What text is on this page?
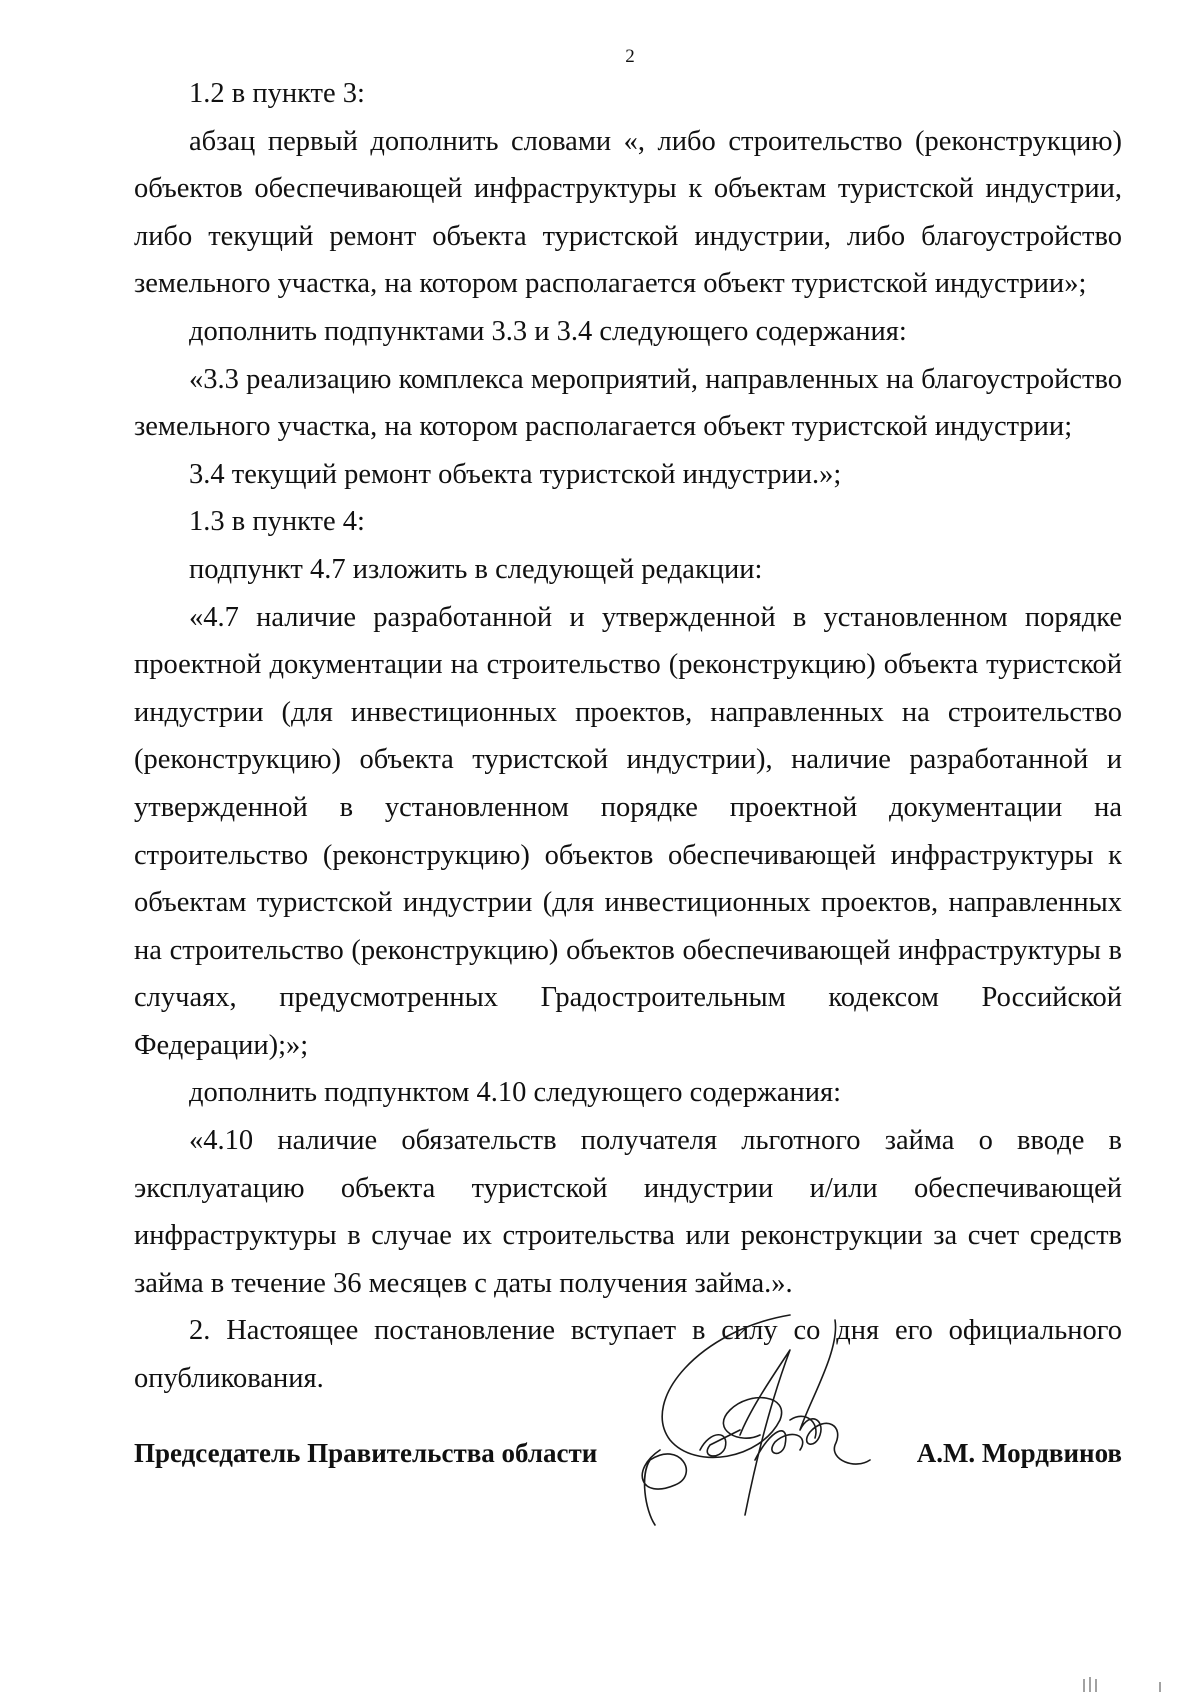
2

1.2 в пункте 3:

абзац первый дополнить словами «, либо строительство (реконструкцию) объектов обеспечивающей инфраструктуры к объектам туристской индустрии, либо текущий ремонт объекта туристской индустрии, либо благоустройство земельного участка, на котором располагается объект туристской индустрии»;

дополнить подпунктами 3.3 и 3.4 следующего содержания:

«3.3 реализацию комплекса мероприятий, направленных на благоустройство земельного участка, на котором располагается объект туристской индустрии;

3.4 текущий ремонт объекта туристской индустрии.»;

1.3 в пункте 4:

подпункт 4.7 изложить в следующей редакции:

«4.7 наличие разработанной и утвержденной в установленном порядке проектной документации на строительство (реконструкцию) объекта туристской индустрии (для инвестиционных проектов, направленных на строительство (реконструкцию) объекта туристской индустрии), наличие разработанной и утвержденной в установленном порядке проектной документации на строительство (реконструкцию) объектов обеспечивающей инфраструктуры к объектам туристской индустрии (для инвестиционных проектов, направленных на строительство (реконструкцию) объектов обеспечивающей инфраструктуры в случаях, предусмотренных Градостроительным кодексом Российской Федерации);»;

дополнить подпунктом 4.10 следующего содержания:

«4.10 наличие обязательств получателя льготного займа о вводе в эксплуатацию объекта туристской индустрии и/или обеспечивающей инфраструктуры в случае их строительства или реконструкции за счет средств займа в течение 36 месяцев с даты получения займа.».

2. Настоящее постановление вступает в силу со дня его официального опубликования.

Председатель Правительства области	А.М. Мордвинов
